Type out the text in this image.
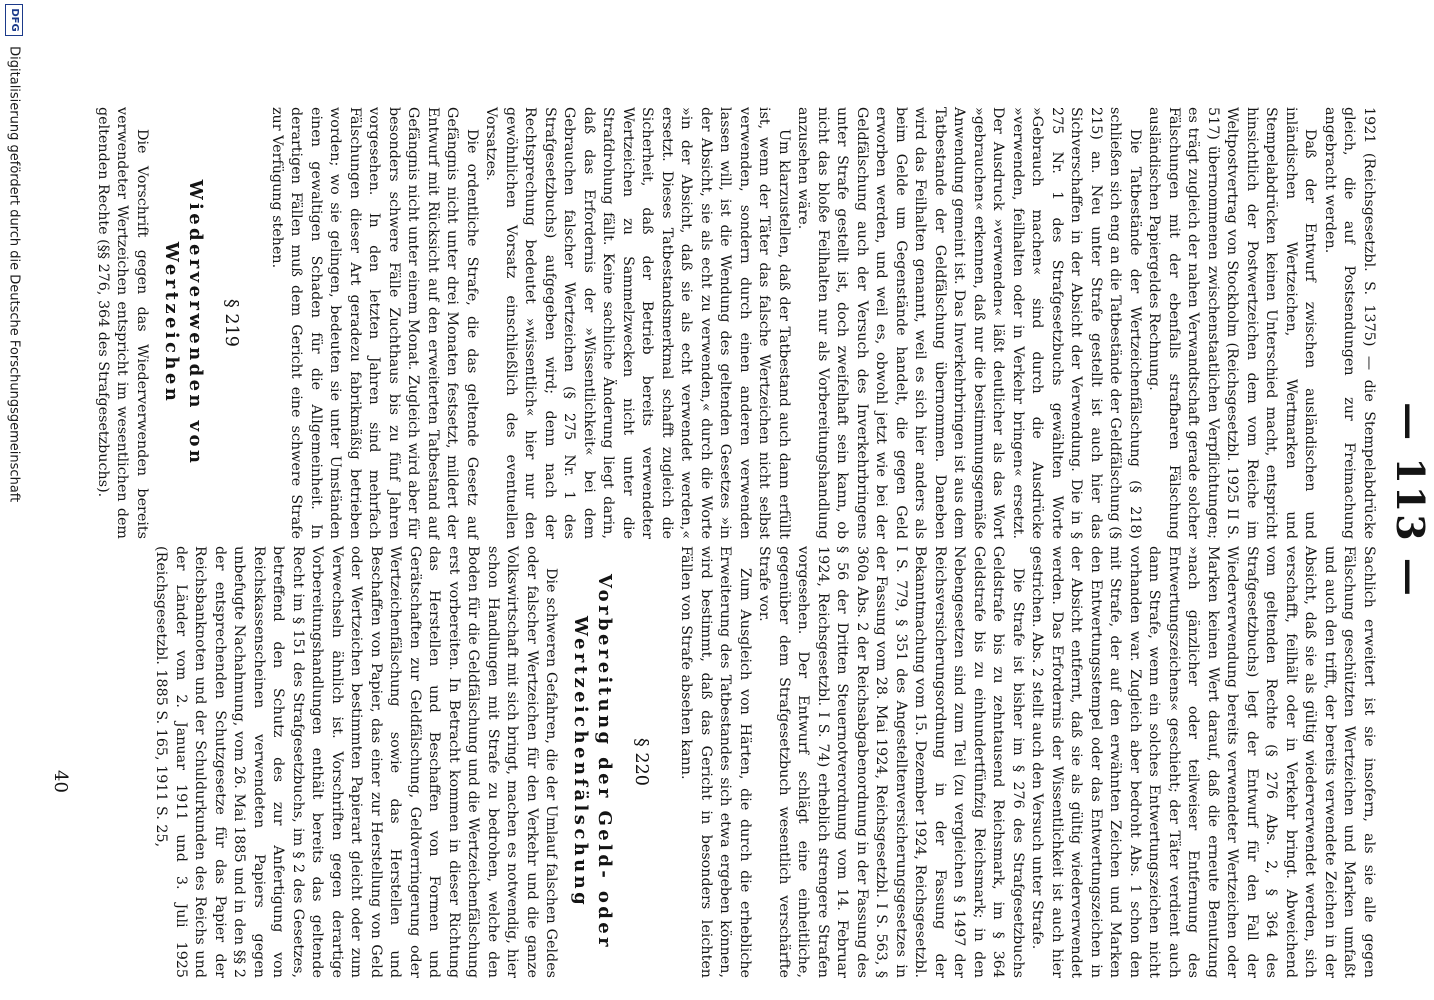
— 113 —

1921 (Reichsgesetzbl. S. 1375) — die Stempelabdrücke gleich, die auf Postsendungen zur Freimachung angebracht werden.

Daß der Entwurf zwischen ausländischen und inländischen Wertzeichen, Wertmarken und Stempelabdrücken keinen Unterschied macht, entspricht hinsichtlich der Postwertzeichen dem vom Reiche im Weltpostvertrag von Stockholm (Reichsgesetzbl. 1925 II S. 517) übernommenen zwischenstaatlichen Verpflichtungen; es trägt zugleich der nahen Verwandtschaft gerade solcher Fälschungen mit der ebenfalls strafbaren Fälschung ausländischen Papiergeldes Rechnung.

Die Tatbestände der Wertzeichenfälschung (§ 218) schließen sich eng an die Tatbestände der Geldfälschung (§ 215) an. Neu unter Strafe gestellt ist auch hier das Sichverschaffen in der Absicht der Verwendung. Die in § 275 Nr. 1 des Strafgesetzbuchs gewählten Worte »Gebrauch machen« sind durch die Ausdrücke »verwenden, feilhalten oder in Verkehr bringen« ersetzt. Der Ausdruck »verwenden« läßt deutlicher als das Wort »gebrauchen« erkennen, daß nur die bestimmungsgemäße Anwendung gemeint ist. Das Inverkehrbringen ist aus dem Tatbestande der Geldfälschung übernommen. Daneben wird das Feilhalten genannt, weil es sich hier anders als beim Gelde um Gegenstände handelt, die gegen Geld erworben werden, und weil es, obwohl jetzt wie bei der Geldfälschung auch der Versuch des Inverkehrbringens unter Strafe gestellt ist, doch zweifelhaft sein kann, ob nicht das bloße Feilhalten nur als Vorbereitungshandlung anzusehen wäre.

Um klarzustellen, daß der Tatbestand auch dann erfüllt ist, wenn der Täter das falsche Wertzeichen nicht selbst verwenden, sondern durch einen anderen verwenden lassen will, ist die Wendung des geltenden Gesetzes »in der Absicht, sie als echt zu verwenden,« durch die Worte »in der Absicht, daß sie als echt verwendet werden,« ersetzt. Dieses Tatbestandsmerkmal schafft zugleich die Sicherheit, daß der Betrieb bereits verwendeter Wertzeichen zu Sammelzwecken nicht unter die Strafdrohung fällt. Keine sachliche Änderung liegt darin, daß das Erfordernis der »Wissentlichkeit« bei dem Gebrauchen falscher Wertzeichen (§ 275 Nr. 1 des Strafgesetzbuchs) aufgegeben wird; denn nach der Rechtsprechung bedeutet »wissentlich« hier nur den gewöhnlichen Vorsatz einschließlich des eventuellen Vorsatzes.

Die ordentliche Strafe, die das geltende Gesetz auf Gefängnis nicht unter drei Monaten festsetzt, mildert der Entwurf mit Rücksicht auf den erweiterten Tatbestand auf Gefängnis nicht unter einem Monat. Zugleich wird aber für besonders schwere Fälle Zuchthaus bis zu fünf Jahren vorgesehen. In den letzten Jahren sind mehrfach Fälschungen dieser Art geradezu fabrikmäßig betrieben worden; wo sie gelingen, bedeuten sie unter Umständen einen gewaltigen Schaden für die Allgemeinheit. In derartigen Fällen muß dem Gericht eine schwere Strafe zur Verfügung stehen.

§ 219
Wiederverwenden von Wertzeichen

Die Vorschrift gegen das Wiederverwenden bereits verwendeter Wertzeichen entspricht im wesentlichen dem geltenden Rechte (§§ 276, 364 des Strafgesetzbuchs).

Sachlich erweitert ist sie insofern, als sie alle gegen Fälschung geschützten Wertzeichen und Marken umfaßt und auch den trifft, der bereits verwendete Zeichen in der Absicht, daß sie als gültig wiederverwendet werden, sich verschafft, feilhält oder in Verkehr bringt. Abweichend vom geltenden Rechte (§ 276 Abs. 2, § 364 des Strafgesetzbuchs) legt der Entwurf für den Fall der Wiederverwendung bereits verwendeter Wertzeichen oder Marken keinen Wert darauf, daß die erneute Benutzung »nach gänzlicher oder teilweiser Entfernung des Entwertungszeichens« geschieht; der Täter verdient auch dann Strafe, wenn ein solches Entwertungszeichen nicht vorhanden war. Zugleich aber bedroht Abs. 1 schon den mit Strafe, der auf den erwähnten Zeichen und Marken den Entwertungsstempel oder das Entwertungszeichen in der Absicht entfernt, daß sie als gültig wiederverwendet werden. Das Erfordernis der Wissentlichkeit ist auch hier gestrichen. Abs. 2 stellt auch den Versuch unter Strafe.

Die Strafe ist bisher im § 276 des Strafgesetzbuchs Geldstrafe bis zu zehntausend Reichsmark, im § 364 Geldstrafe bis zu einhundertfünfzig Reichsmark; in den Nebengesetzen sind zum Teil (zu vergleichen § 1497 der Reichsversicherungsordnung in der Fassung der Bekanntmachung vom 15. Dezember 1924, Reichsgesetzbl. I S. 779, § 351 des Angestelltenversicherungsgesetzes in der Fassung vom 28. Mai 1924, Reichsgesetzbl. I S. 563, § 360a Abs. 2 der Reichsabgabenordnung in der Fassung des § 56 der Dritten Steuernotverordnung vom 14. Februar 1924, Reichsgesetzbl. I S. 74) erheblich strengere Strafen vorgesehen. Der Entwurf schlägt eine einheitliche, gegenüber dem Strafgesetzbuch wesentlich verschärfte Strafe vor.

Zum Ausgleich von Härten, die durch die erhebliche Erweiterung des Tatbestandes sich etwa ergeben können, wird bestimmt, daß das Gericht in besonders leichten Fällen von Strafe absehen kann.

§ 220
Vorbereitung der Geld- oder Wertzeichenfälschung

Die schweren Gefahren, die der Umlauf falschen Geldes oder falscher Wertzeichen für den Verkehr und die ganze Volkswirtschaft mit sich bringt, machen es notwendig, hier schon Handlungen mit Strafe zu bedrohen, welche den Boden für die Geldfälschung und die Wertzeichenfälschung erst vorbereiten. In Betracht kommen in dieser Richtung das Herstellen und Beschaffen von Formen und Gerätschaften zur Geldfälschung, Geldverringerung oder Wertzeichenfälschung sowie das Herstellen und Beschaffen von Papier, das einer zur Herstellung von Geld oder Wertzeichen bestimmten Papierart gleicht oder zum Verwechseln ähnlich ist. Vorschriften gegen derartige Vorbereitungshandlungen enthält bereits das geltende Recht im § 151 des Strafgesetzbuchs, im § 2 des Gesetzes, betreffend den Schutz des zur Anfertigung von Reichskassenscheinen verwendeten Papiers gegen unbefugte Nachahmung, vom 26. Mai 1885 und in den §§ 2 der entsprechenden Schutzgesetze für das Papier der Reichsbanknoten und der Schuldurkunden des Reichs und der Länder vom 2. Januar 1911 und 3. Juli 1925 (Reichsgesetzbl. 1885 S. 165, 1911 S. 25,

40
DFG Digitalisierung gefördert durch die Deutsche Forschungsgemeinschaft
